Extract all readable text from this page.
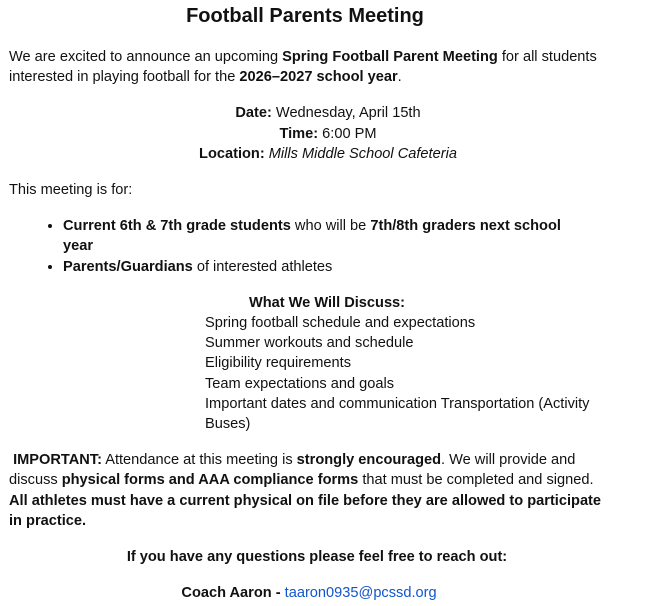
Football Parents Meeting

We are excited to announce an upcoming Spring Football Parent Meeting for all students interested in playing football for the 2026–2027 school year.

Date: Wednesday, April 15th
Time: 6:00 PM
Location: Mills Middle School Cafeteria

This meeting is for:

• Current 6th & 7th grade students who will be 7th/8th graders next school year
• Parents/Guardians of interested athletes
What We Will Discuss:
Spring football schedule and expectations
Summer workouts and schedule
Eligibility requirements
Team expectations and goals
Important dates and communication Transportation (Activity Buses)

IMPORTANT: Attendance at this meeting is strongly encouraged. We will provide and discuss physical forms and AAA compliance forms that must be completed and signed. All athletes must have a current physical on file before they are allowed to participate in practice.

If you have any questions please feel free to reach out:
Coach Aaron - taaron0935@pcssd.org
